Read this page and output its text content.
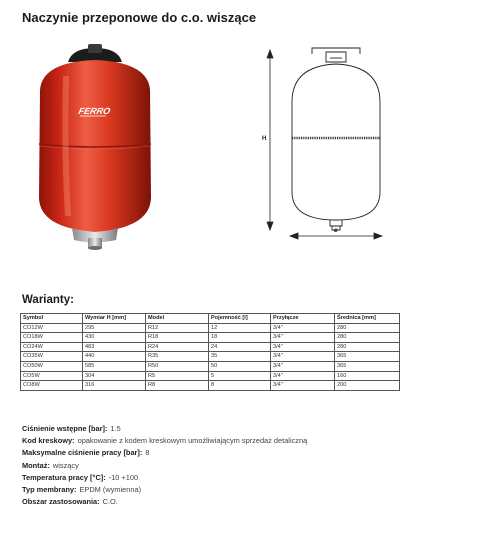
Naczynie przeponowe do c.o. wiszące
FERRO
H
ø
Warianty:
Symbol	Wymiar H [mm]	Model	Pojemność [l]	Przyłącze	Średnica [mm]
CO12W	295	R12	12	3/4"	280
CO18W	430	R18	18	3/4"	280
CO24W	483	R24	24	3/4"	280
CO35W	440	R35	35	3/4"	365
CO50W	585	R50	50	3/4"	365
CO5W	304	R5	5	3/4"	160
CO8W	316	R8	8	3/4"	200
Ciśnienie wstępne [bar]: 1.5
Kod kreskowy: opakowanie z kodem kreskowym umożliwiającym sprzedaż detaliczną
Maksymalne ciśnienie pracy [bar]: 8
Montaż: wiszący
Temperatura pracy [°C]: -10 +100
Typ membrany: EPDM (wymienna)
Obszar zastosowania: C.O.
